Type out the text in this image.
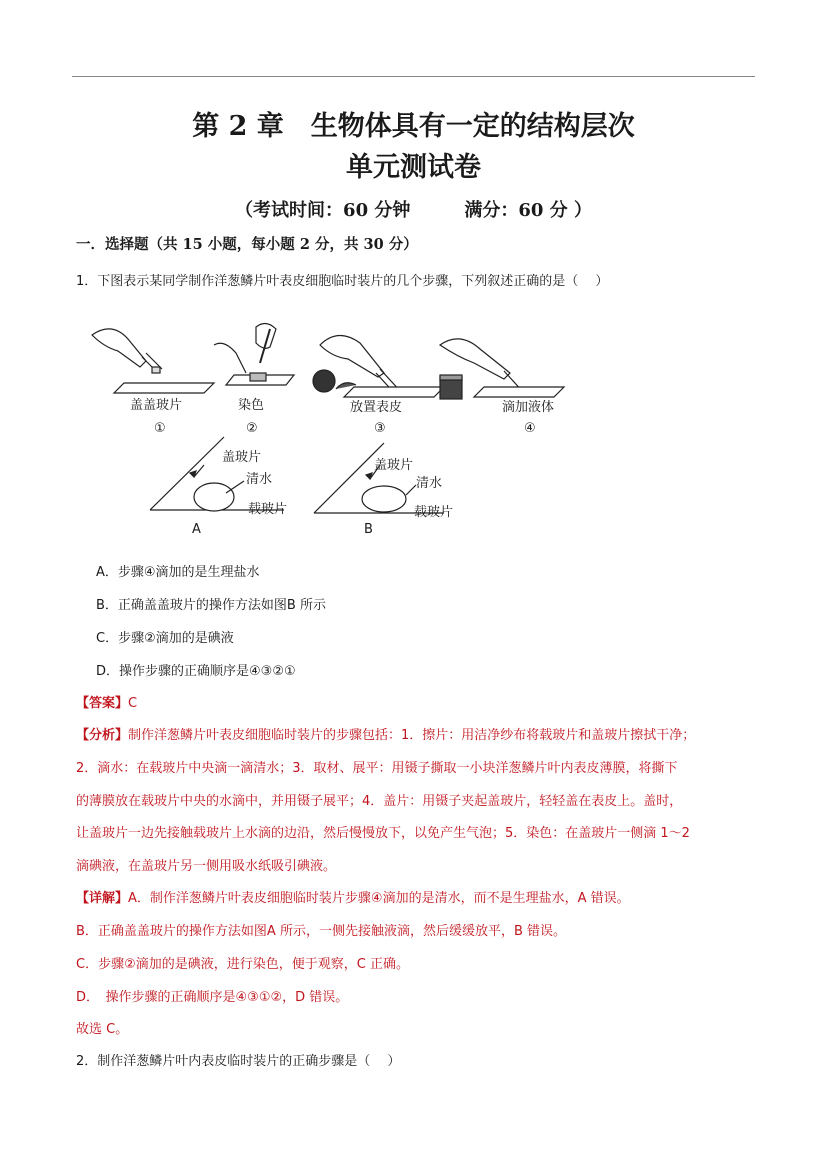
第 2 章　生物体具有一定的结构层次
单元测试卷
（考试时间：60 分钟　　　满分：60 分 ）
一．选择题（共 15 小题，每小题 2 分，共 30 分）
1．下图表示某同学制作洋葱鳞片叶表皮细胞临时装片的几个步骤，下列叙述正确的是（　 ）
盖盖玻片
①
染色
②
放置表皮
③
滴加液体
④
盖玻片
清水
载玻片
A
盖玻片
清水
载玻片
B
A．步骤④滴加的是生理盐水
B．正确盖盖玻片的操作方法如图B 所示
C．步骤②滴加的是碘液
D．操作步骤的正确顺序是④③②①
【答案】C
【分析】制作洋葱鳞片叶表皮细胞临时装片的步骤包括：1．擦片：用洁净纱布将载玻片和盖玻片擦拭干净；
2．滴水：在载玻片中央滴一滴清水；3．取材、展平：用镊子撕取一小块洋葱鳞片叶内表皮薄膜，将撕下
的薄膜放在载玻片中央的水滴中，并用镊子展平；4．盖片：用镊子夹起盖玻片，轻轻盖在表皮上。盖时，
让盖玻片一边先接触载玻片上水滴的边沿，然后慢慢放下，以免产生气泡；5．染色：在盖玻片一侧滴 1～2
滴碘液，在盖玻片另一侧用吸水纸吸引碘液。
【详解】A．制作洋葱鳞片叶表皮细胞临时装片步骤④滴加的是清水，而不是生理盐水，A 错误。
B．正确盖盖玻片的操作方法如图A 所示，一侧先接触液滴，然后缓缓放平，B 错误。
C．步骤②滴加的是碘液，进行染色，便于观察，C 正确。
D．　操作步骤的正确顺序是④③①②，D 错误。
故选 C。
2．制作洋葱鳞片叶内表皮临时装片的正确步骤是（　 ）
